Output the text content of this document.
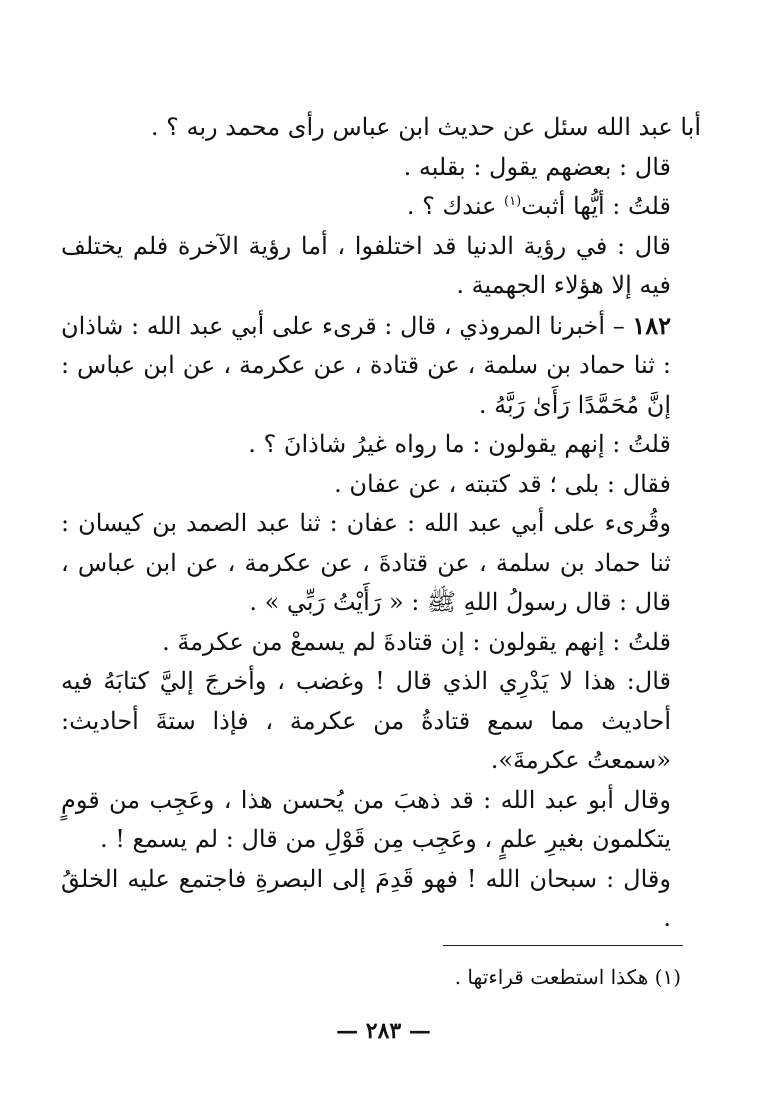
أبا عبد الله سئل عن حديث ابن عباس رأى محمد ربه ؟ .

قال : بعضهم يقول : بقلبه .

قلتُ : أيُّها أثبت$^{(١)}$ عندك ؟ .

قال : في رؤية الدنيا قد اختلفوا ، أما رؤية الآخرة فلم يختلف فيه إلا هؤلاء الجهمية .

١٨٢ – أخبرنا المروذي ، قال : قرىء على أبي عبد الله : شاذان : ثنا حماد بن سلمة ، عن قتادة ، عن عكرمة ، عن ابن عباس : إنَّ مُحَمَّدًا رَأَىٰ رَبَّهُ .

قلتُ : إنهم يقولون : ما رواه غيرُ شاذانَ ؟ .

فقال : بلى ؛ قد كتبته ، عن عفان .

وقُرىء على أبي عبد الله : عفان : ثنا عبد الصمد بن كيسان : ثنا حماد بن سلمة ، عن قتادةَ ، عن عكرمة ، عن ابن عباس ، قال : قال رسولُ اللهِ ﷺ : « رَأَيْتُ رَبِّي » .

قلتُ : إنهم يقولون : إن قتادةَ لم يسمعْ من عكرمةَ .

قال: هذا لا يَدْرِي الذي قال ! وغضب ، وأخرجَ إليَّ كتابَهُ فيه أحاديث مما سمع قتادةُ من عكرمة ، فإذا ستةَ أحاديث: «سمعتُ عكرمةَ».

وقال أبو عبد الله : قد ذهبَ من يُحسن هذا ، وعَجِب من قومٍ يتكلمون بغيرِ علمٍ ، وعَجِب مِن قَوْلِ من قال : لم يسمع ! .

وقال : سبحان الله ! فهو قَدِمَ إلى البصرةِ فاجتمع عليه الخلقُ .

(١) هكذا استطعت قراءتها .
— ٢٨٣ —
